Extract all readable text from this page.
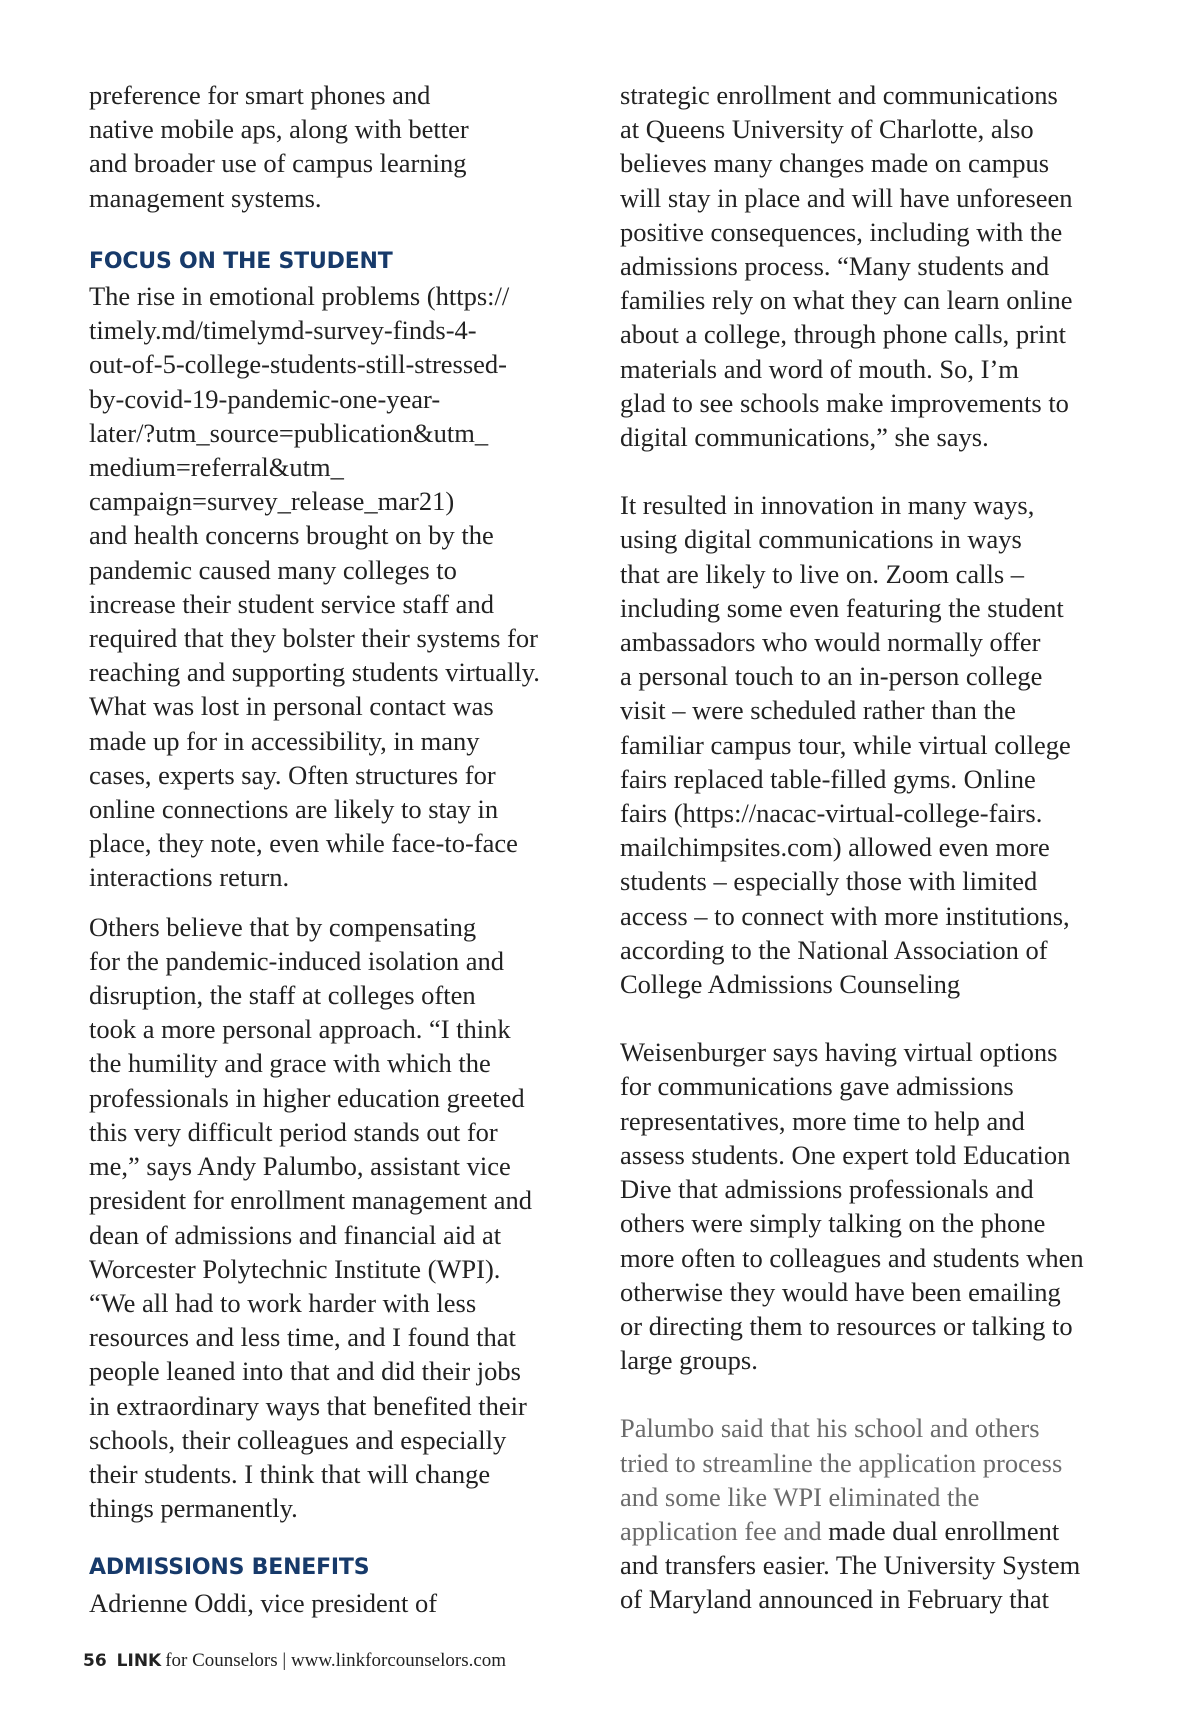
preference for smart phones and
native mobile aps, along with better
and broader use of campus learning
management systems.
FOCUS ON THE STUDENT
The rise in emotional problems (https://
timely.md/timelymd-survey-finds-4-
out-of-5-college-students-still-stressed-
by-covid-19-pandemic-one-year-
later/?utm_source=publication&utm_
medium=referral&utm_
campaign=survey_release_mar21)
and health concerns brought on by the
pandemic caused many colleges to
increase their student service staff and
required that they bolster their systems for
reaching and supporting students virtually.
What was lost in personal contact was
made up for in accessibility, in many
cases, experts say. Often structures for
online connections are likely to stay in
place, they note, even while face-to-face
interactions return.
Others believe that by compensating
for the pandemic-induced isolation and
disruption, the staff at colleges often
took a more personal approach. “I think
the humility and grace with which the
professionals in higher education greeted
this very difficult period stands out for
me,” says Andy Palumbo, assistant vice
president for enrollment management and
dean of admissions and financial aid at
Worcester Polytechnic Institute (WPI).
“We all had to work harder with less
resources and less time, and I found that
people leaned into that and did their jobs
in extraordinary ways that benefited their
schools, their colleagues and especially
their students. I think that will change
things permanently.
ADMISSIONS BENEFITS
Adrienne Oddi, vice president of
strategic enrollment and communications
at Queens University of Charlotte, also
believes many changes made on campus
will stay in place and will have unforeseen
positive consequences, including with the
admissions process. “Many students and
families rely on what they can learn online
about a college, through phone calls, print
materials and word of mouth. So, I’m
glad to see schools make improvements to
digital communications,” she says.
It resulted in innovation in many ways,
using digital communications in ways
that are likely to live on. Zoom calls –
including some even featuring the student
ambassadors who would normally offer
a personal touch to an in-person college
visit – were scheduled rather than the
familiar campus tour, while virtual college
fairs replaced table-filled gyms. Online
fairs (https://nacac-virtual-college-fairs.
mailchimpsites.com) allowed even more
students – especially those with limited
access – to connect with more institutions,
according to the National Association of
College Admissions Counseling
Weisenburger says having virtual options
for communications gave admissions
representatives, more time to help and
assess students. One expert told Education
Dive that admissions professionals and
others were simply talking on the phone
more often to colleagues and students when
otherwise they would have been emailing
or directing them to resources or talking to
large groups.
Palumbo said that his school and others
tried to streamline the application process
and some like WPI eliminated the
application fee and made dual enrollment
and transfers easier. The University System
of Maryland announced in February that
56 LINK for Counselors | www.linkforcounselors.com
